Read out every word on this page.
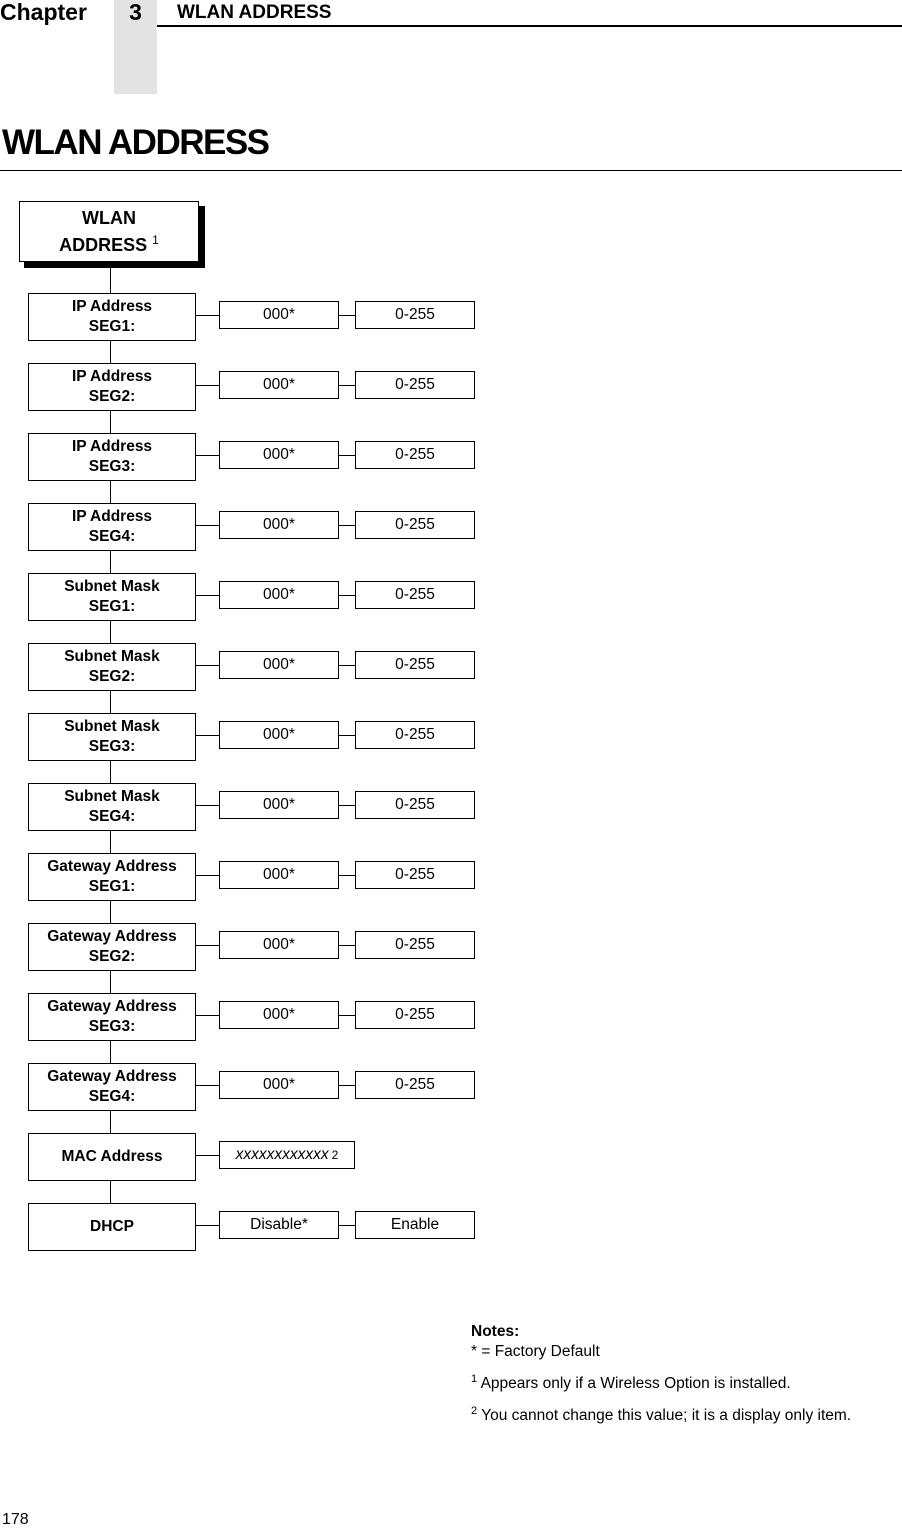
Chapter	3	WLAN ADDRESS
WLAN ADDRESS
WLAN
ADDRESS $^1$
IP Address
SEG1:
000*	0-255
IP Address
SEG2:
000*	0-255
IP Address
SEG3:
000*	0-255
IP Address
SEG4:
000*	0-255
Subnet Mask
SEG1:
000*	0-255
Subnet Mask
SEG2:
000*	0-255
Subnet Mask
SEG3:
000*	0-255
Subnet Mask
SEG4:
000*	0-255
Gateway Address
SEG1:
000*	0-255
Gateway Address
SEG2:
000*	0-255
Gateway Address
SEG3:
000*	0-255
Gateway Address
SEG4:
000*	0-255
MAC Address	xxxxxxxxxxxx 2
DHCP	Disable*	Enable
Notes:
* = Factory Default
$^1$ Appears only if a Wireless Option is installed.
$^2$ You cannot change this value; it is a display only item.
178
